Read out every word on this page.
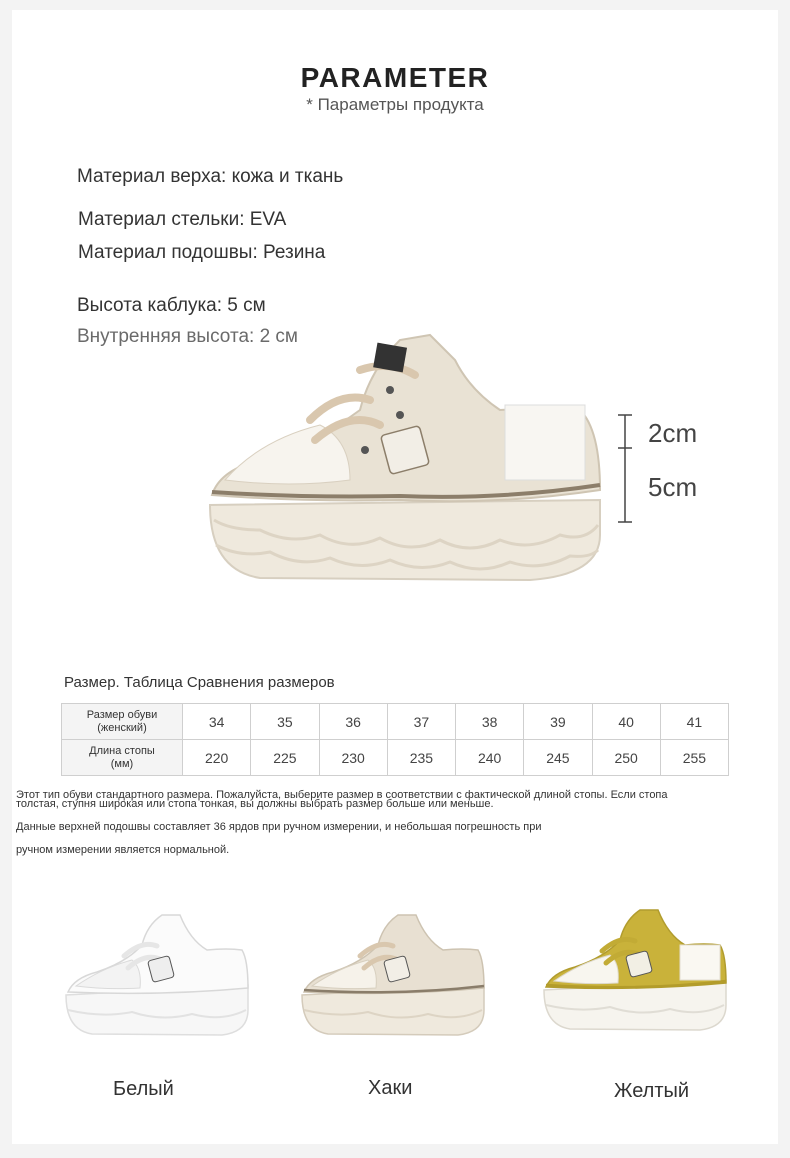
PARAMETER
* Параметры продукта
Материал верха: кожа и ткань
Материал стельки: EVA
Материал подошвы: Резина
Высота каблука: 5 см
Внутренняя высота: 2 см
2cm
5cm
Размер. Таблица Сравнения размеров
Размер обуви
(женский)	34	35	36	37	38	39	40	41
Длина стопы
(мм)	220	225	230	235	240	245	250	255
Этот тип обуви стандартного размера. Пожалуйста, выберите размер в соответствии с фактической длиной стопы. Если стопа
толстая, ступня широкая или стопа тонкая, вы должны выбрать размер больше или меньше.
Данные верхней подошвы составляет 36 ярдов при ручном измерении, и небольшая погрешность при
ручном измерении является нормальной.
Белый	Хаки	Желтый
